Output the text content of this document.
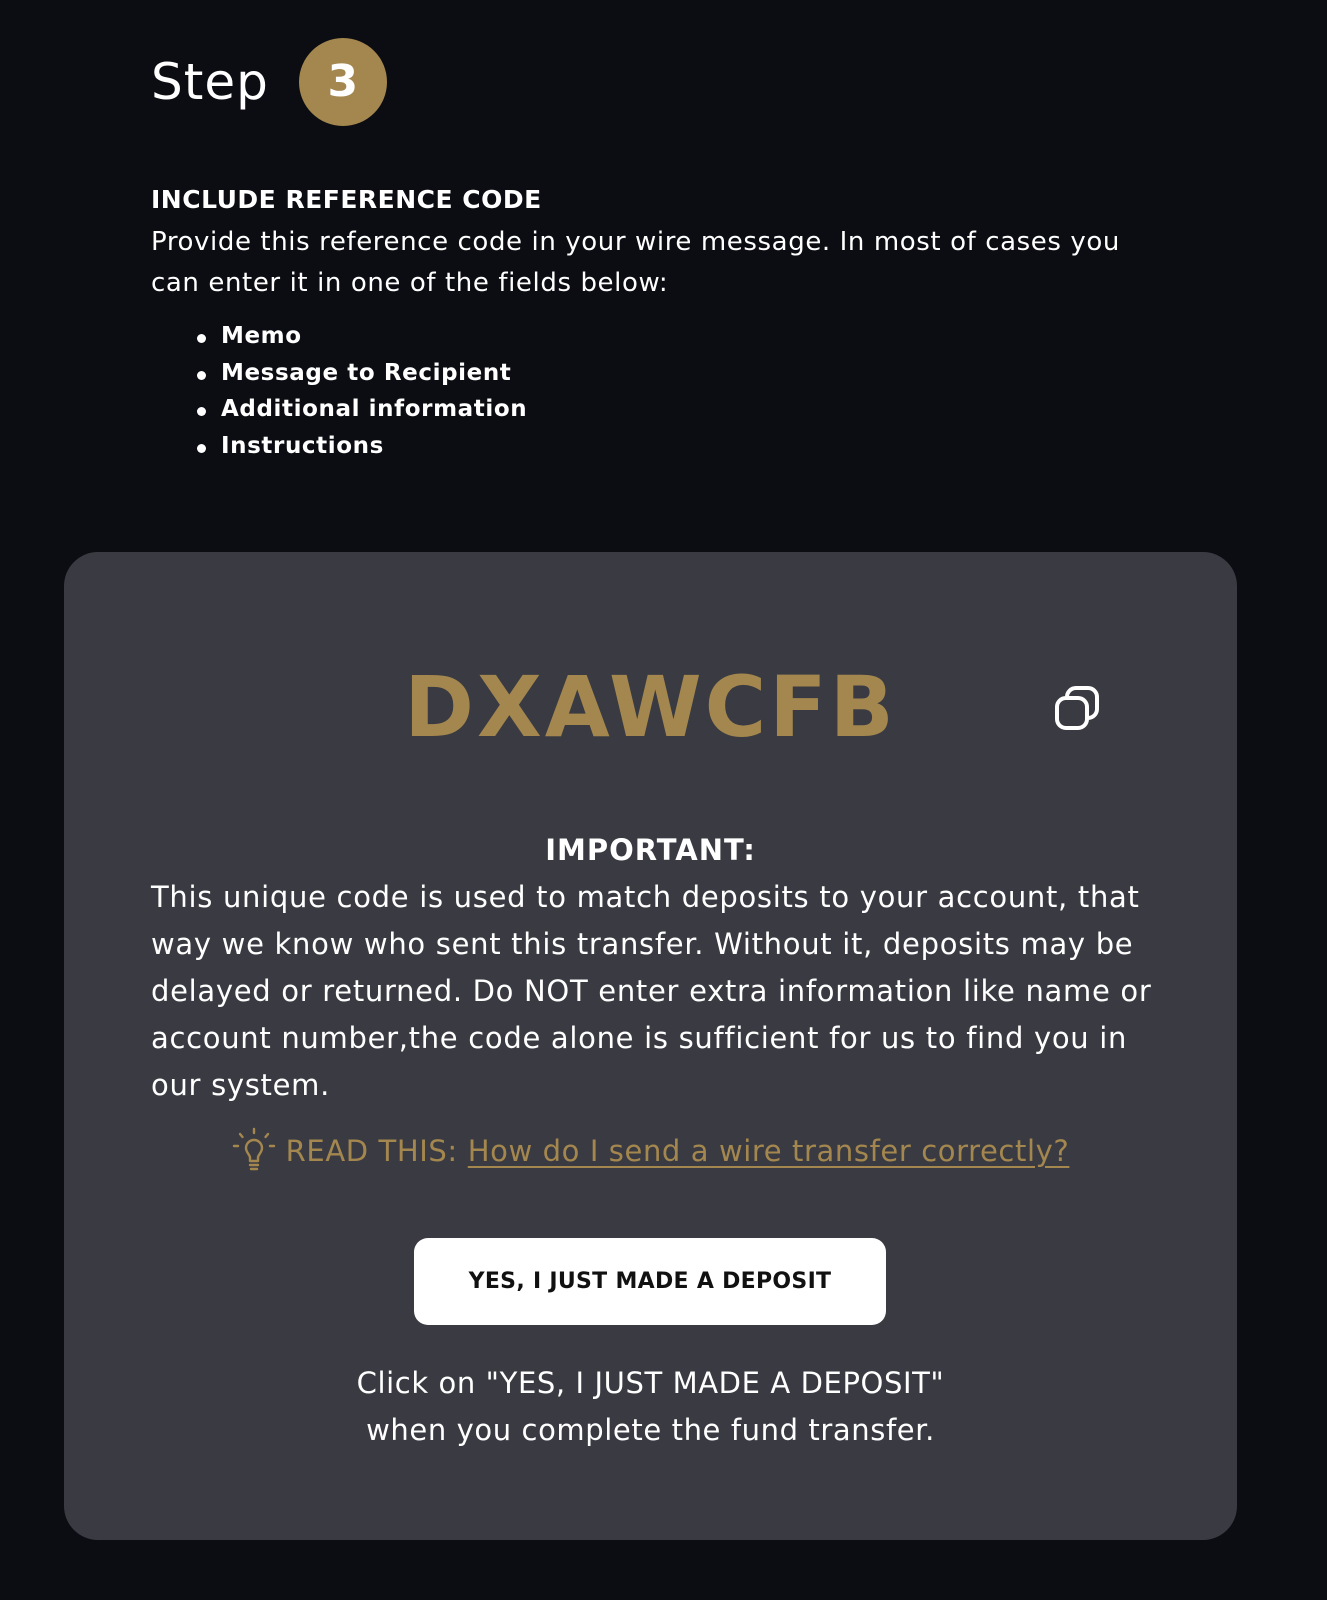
Step	3
INCLUDE REFERENCE CODE
Provide this reference code in your wire message. In most of cases you can enter it in one of the fields below:
Memo
Message to Recipient
Additional information
Instructions
DXAWCFB
IMPORTANT:
This unique code is used to match deposits to your account, that way we know who sent this transfer. Without it, deposits may be delayed or returned. Do NOT enter extra information like name or account number,the code alone is sufficient for us to find you in our system.
READ THIS: How do I send a wire transfer correctly?
YES, I JUST MADE A DEPOSIT
Click on "YES, I JUST MADE A DEPOSIT"
when you complete the fund transfer.
